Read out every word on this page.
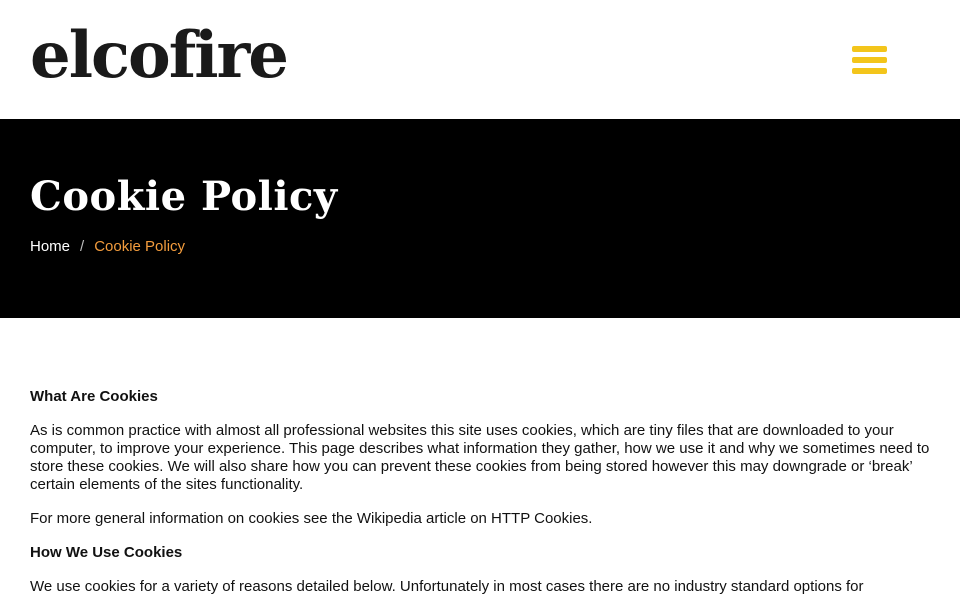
elcofire
Cookie Policy
Home / Cookie Policy
What Are Cookies

As is common practice with almost all professional websites this site uses cookies, which are tiny files that are downloaded to your computer, to improve your experience. This page describes what information they gather, how we use it and why we sometimes need to store these cookies. We will also share how you can prevent these cookies from being stored however this may downgrade or ‘break’ certain elements of the sites functionality.

For more general information on cookies see the Wikipedia article on HTTP Cookies.

How We Use Cookies

We use cookies for a variety of reasons detailed below. Unfortunately in most cases there are no industry standard options for
